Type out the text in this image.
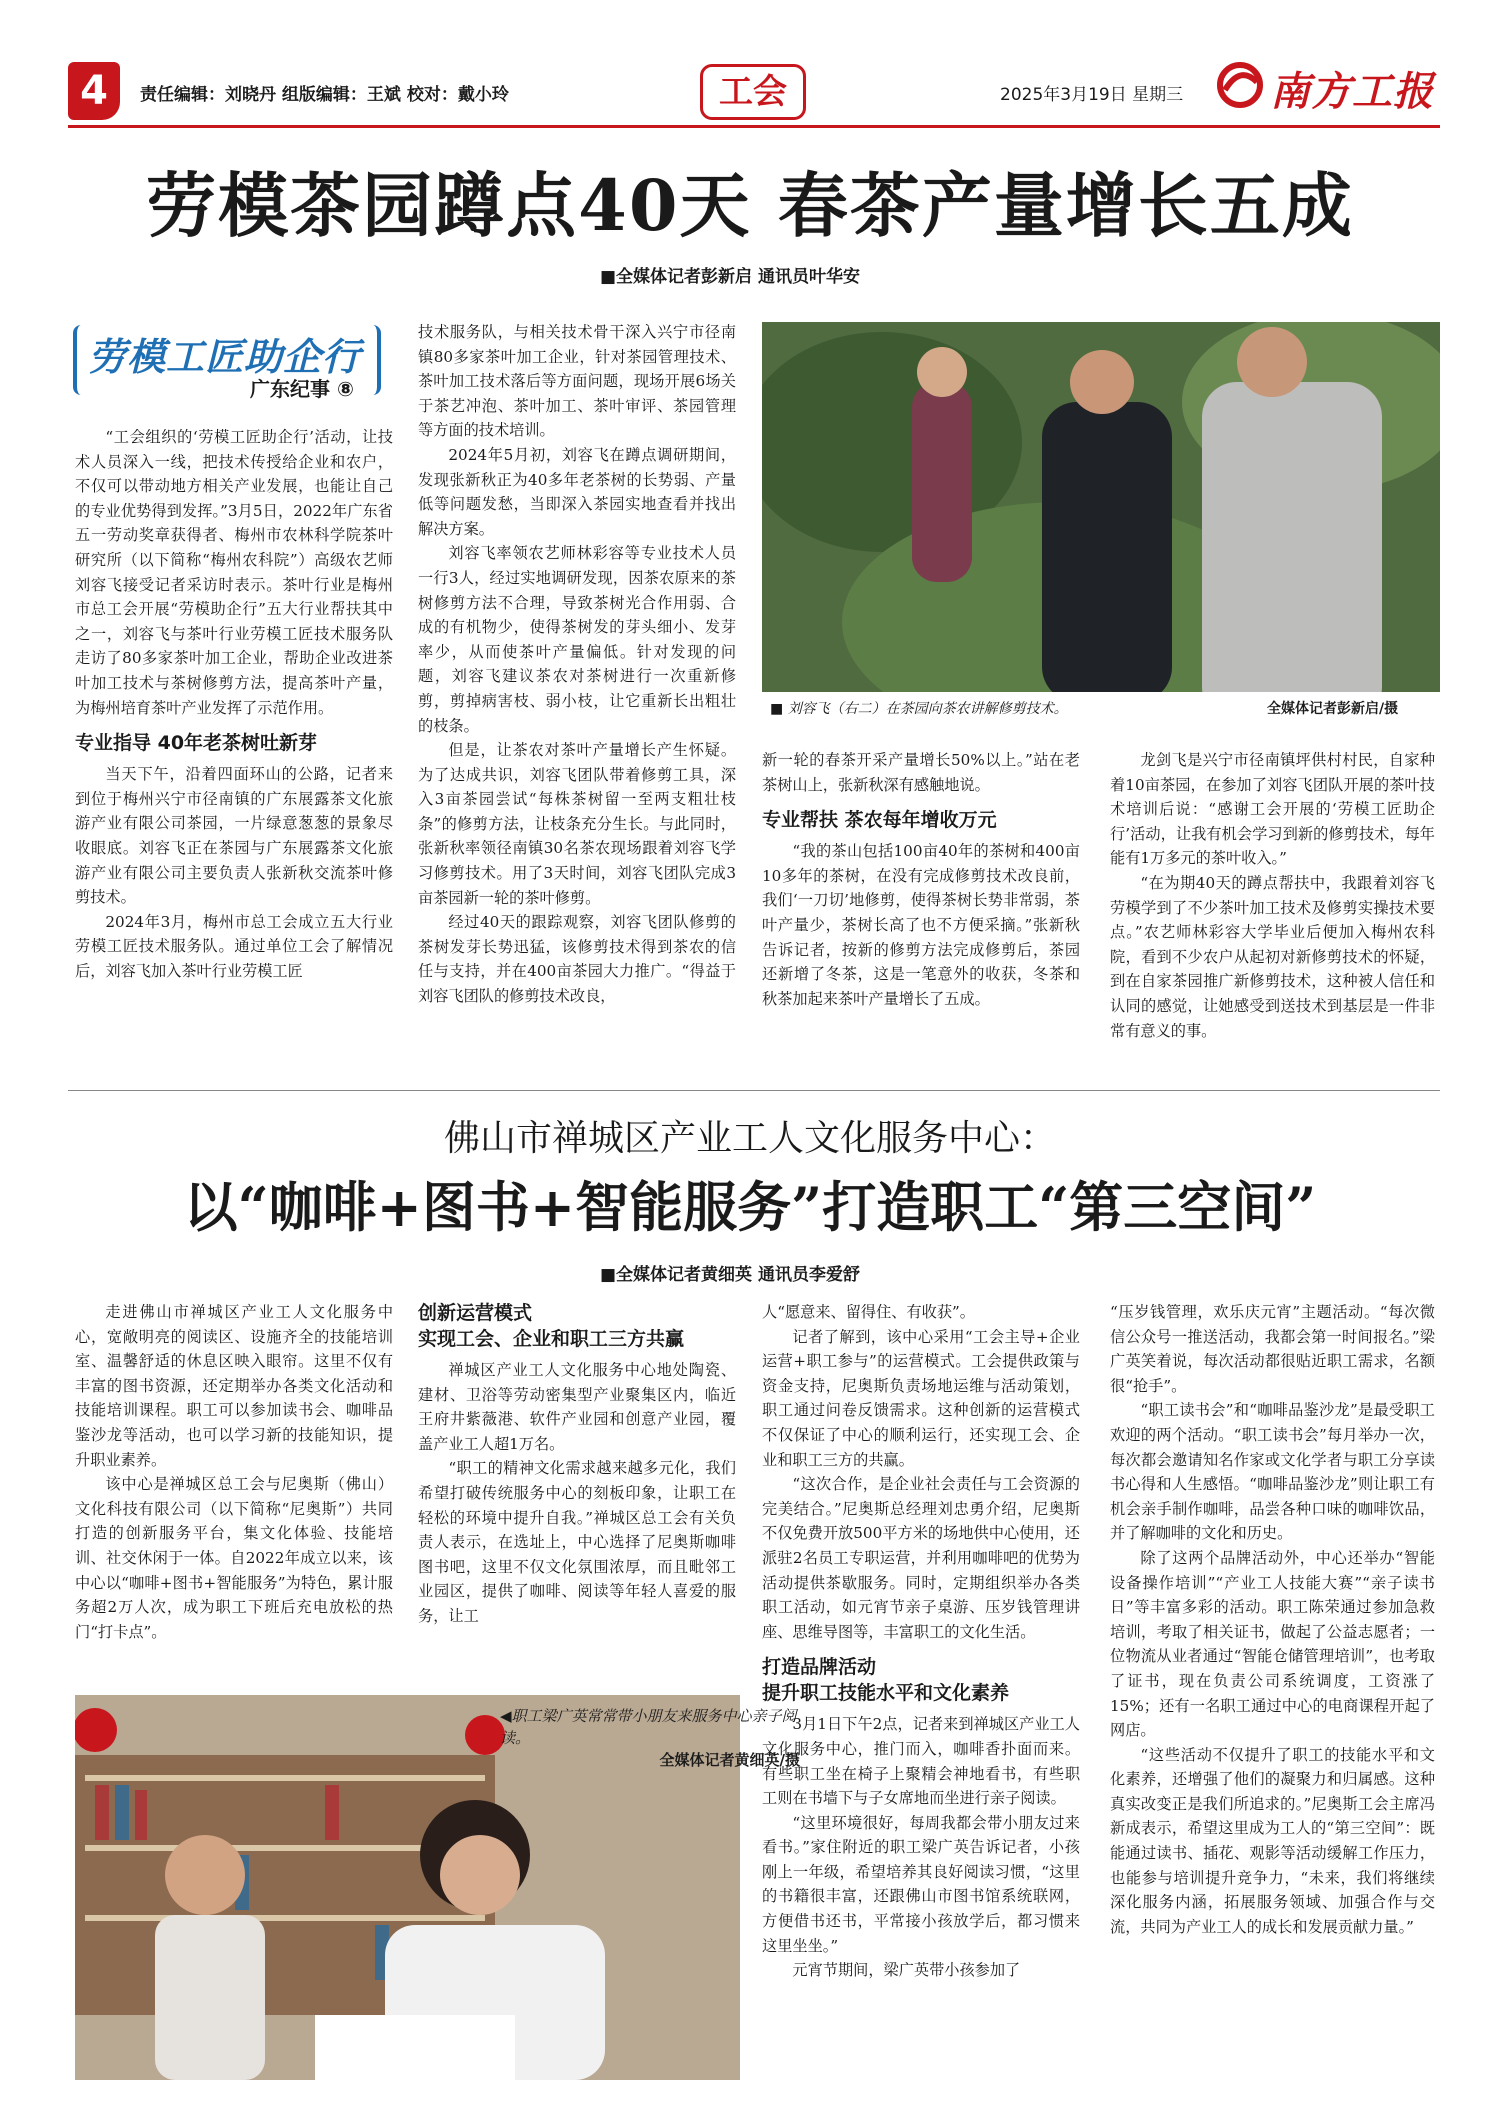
4	责任编辑：刘晓丹 组版编辑：王斌 校对：戴小玲	工会	2025年3月19日 星期三 南方工报
劳模茶园蹲点40天 春茶产量增长五成
■全媒体记者彭新启 通讯员叶华安
劳模工匠助企行
广东纪事 ⑧

“工会组织的‘劳模工匠助企行’活动，让技术人员深入一线，把技术传授给企业和农户，不仅可以带动地方相关产业发展，也能让自己的专业优势得到发挥。”3月5日，2022年广东省五一劳动奖章获得者、梅州市农林科学院茶叶研究所（以下简称“梅州农科院”）高级农艺师刘容飞接受记者采访时表示。茶叶行业是梅州市总工会开展“劳模助企行”五大行业帮扶其中之一，刘容飞与茶叶行业劳模工匠技术服务队走访了80多家茶叶加工企业，帮助企业改进茶叶加工技术与茶树修剪方法，提高茶叶产量，为梅州培育茶叶产业发挥了示范作用。

专业指导 40年老茶树吐新芽

当天下午，沿着四面环山的公路，记者来到位于梅州兴宁市径南镇的广东展露茶文化旅游产业有限公司茶园，一片绿意葱葱的景象尽收眼底。刘容飞正在茶园与广东展露茶文化旅游产业有限公司主要负责人张新秋交流茶叶修剪技术。

2024年3月，梅州市总工会成立五大行业劳模工匠技术服务队。通过单位工会了解情况后，刘容飞加入茶叶行业劳模工匠

技术服务队，与相关技术骨干深入兴宁市径南镇80多家茶叶加工企业，针对茶园管理技术、茶叶加工技术落后等方面问题，现场开展6场关于茶艺冲泡、茶叶加工、茶叶审评、茶园管理等方面的技术培训。

2024年5月初，刘容飞在蹲点调研期间，发现张新秋正为40多年老茶树的长势弱、产量低等问题发愁，当即深入茶园实地查看并找出解决方案。

刘容飞率领农艺师林彩容等专业技术人员一行3人，经过实地调研发现，因茶农原来的茶树修剪方法不合理，导致茶树光合作用弱、合成的有机物少，使得茶树发的芽头细小、发芽率少，从而使茶叶产量偏低。针对发现的问题，刘容飞建议茶农对茶树进行一次重新修剪，剪掉病害枝、弱小枝，让它重新长出粗壮的枝条。

但是，让茶农对茶叶产量增长产生怀疑。为了达成共识，刘容飞团队带着修剪工具，深入3亩茶园尝试“每株茶树留一至两支粗壮枝条”的修剪方法，让枝条充分生长。与此同时，张新秋率领径南镇30名茶农现场跟着刘容飞学习修剪技术。用了3天时间，刘容飞团队完成3亩茶园新一轮的茶叶修剪。

经过40天的跟踪观察，刘容飞团队修剪的茶树发芽长势迅猛，该修剪技术得到茶农的信任与支持，并在400亩茶园大力推广。“得益于刘容飞团队的修剪技术改良，

■ 刘容飞（右二）在茶园向茶农讲解修剪技术。	全媒体记者彭新启/摄

新一轮的春茶开采产量增长50%以上。”站在老茶树山上，张新秋深有感触地说。

专业帮扶 茶农每年增收万元

“我的茶山包括100亩40年的茶树和400亩10多年的茶树，在没有完成修剪技术改良前，我们‘一刀切’地修剪，使得茶树长势非常弱，茶叶产量少，茶树长高了也不方便采摘。”张新秋告诉记者，按新的修剪方法完成修剪后，茶园还新增了冬茶，这是一笔意外的收获，冬茶和秋茶加起来茶叶产量增长了五成。

龙剑飞是兴宁市径南镇坪供村村民，自家种着10亩茶园，在参加了刘容飞团队开展的茶叶技术培训后说：“感谢工会开展的‘劳模工匠助企行’活动，让我有机会学习到新的修剪技术，每年能有1万多元的茶叶收入。”

“在为期40天的蹲点帮扶中，我跟着刘容飞劳模学到了不少茶叶加工技术及修剪实操技术要点。”农艺师林彩容大学毕业后便加入梅州农科院，看到不少农户从起初对新修剪技术的怀疑，到在自家茶园推广新修剪技术，这种被人信任和认同的感觉，让她感受到送技术到基层是一件非常有意义的事。

佛山市禅城区产业工人文化服务中心：
以“咖啡+图书+智能服务”打造职工“第三空间”
■全媒体记者黄细英 通讯员李爱舒

走进佛山市禅城区产业工人文化服务中心，宽敞明亮的阅读区、设施齐全的技能培训室、温馨舒适的休息区映入眼帘。这里不仅有丰富的图书资源，还定期举办各类文化活动和技能培训课程。职工可以参加读书会、咖啡品鉴沙龙等活动，也可以学习新的技能知识，提升职业素养。

该中心是禅城区总工会与尼奥斯（佛山）文化科技有限公司（以下简称“尼奥斯”）共同打造的创新服务平台，集文化体验、技能培训、社交休闲于一体。自2022年成立以来，该中心以“咖啡+图书+智能服务”为特色，累计服务超2万人次，成为职工下班后充电放松的热门“打卡点”。

创新运营模式
实现工会、企业和职工三方共赢

禅城区产业工人文化服务中心地处陶瓷、建材、卫浴等劳动密集型产业聚集区内，临近王府井紫薇港、软件产业园和创意产业园，覆盖产业工人超1万名。

“职工的精神文化需求越来越多元化，我们希望打破传统服务中心的刻板印象，让职工在轻松的环境中提升自我。”禅城区总工会有关负责人表示，在选址上，中心选择了尼奥斯咖啡图书吧，这里不仅文化氛围浓厚，而且毗邻工业园区，提供了咖啡、阅读等年轻人喜爱的服务，让工

人“愿意来、留得住、有收获”。

记者了解到，该中心采用“工会主导+企业运营+职工参与”的运营模式。工会提供政策与资金支持，尼奥斯负责场地运维与活动策划，职工通过问卷反馈需求。这种创新的运营模式不仅保证了中心的顺利运行，还实现工会、企业和职工三方的共赢。

“这次合作，是企业社会责任与工会资源的完美结合。”尼奥斯总经理刘忠勇介绍，尼奥斯不仅免费开放500平方米的场地供中心使用，还派驻2名员工专职运营，并利用咖啡吧的优势为活动提供茶歇服务。同时，定期组织举办各类职工活动，如元宵节亲子桌游、压岁钱管理讲座、思维导图等，丰富职工的文化生活。

打造品牌活动
提升职工技能水平和文化素养

3月1日下午2点，记者来到禅城区产业工人文化服务中心，推门而入，咖啡香扑面而来。有些职工坐在椅子上聚精会神地看书，有些职工则在书墙下与子女席地而坐进行亲子阅读。

“这里环境很好，每周我都会带小朋友过来看书。”家住附近的职工梁广英告诉记者，小孩刚上一年级，希望培养其良好阅读习惯，“这里的书籍很丰富，还跟佛山市图书馆系统联网，方便借书还书，平常接小孩放学后，都习惯来这里坐坐。”

元宵节期间，梁广英带小孩参加了

“压岁钱管理，欢乐庆元宵”主题活动。“每次微信公众号一推送活动，我都会第一时间报名。”梁广英笑着说，每次活动都很贴近职工需求，名额很“抢手”。

“职工读书会”和“咖啡品鉴沙龙”是最受职工欢迎的两个活动。“职工读书会”每月举办一次，每次都会邀请知名作家或文化学者与职工分享读书心得和人生感悟。“咖啡品鉴沙龙”则让职工有机会亲手制作咖啡，品尝各种口味的咖啡饮品，并了解咖啡的文化和历史。

除了这两个品牌活动外，中心还举办“智能设备操作培训”“产业工人技能大赛”“亲子读书日”等丰富多彩的活动。职工陈荣通过参加急救培训，考取了相关证书，做起了公益志愿者；一位物流从业者通过“智能仓储管理培训”，也考取了证书，现在负责公司系统调度，工资涨了15%；还有一名职工通过中心的电商课程开起了网店。

“这些活动不仅提升了职工的技能水平和文化素养，还增强了他们的凝聚力和归属感。这种真实改变正是我们所追求的。”尼奥斯工会主席冯新成表示，希望这里成为工人的“第三空间”：既能通过读书、插花、观影等活动缓解工作压力，也能参与培训提升竞争力，“未来，我们将继续深化服务内涵，拓展服务领域、加强合作与交流，共同为产业工人的成长和发展贡献力量。”

◀职工梁广英常常带小朋友来服务中心亲子阅读。
全媒体记者黄细英/摄
